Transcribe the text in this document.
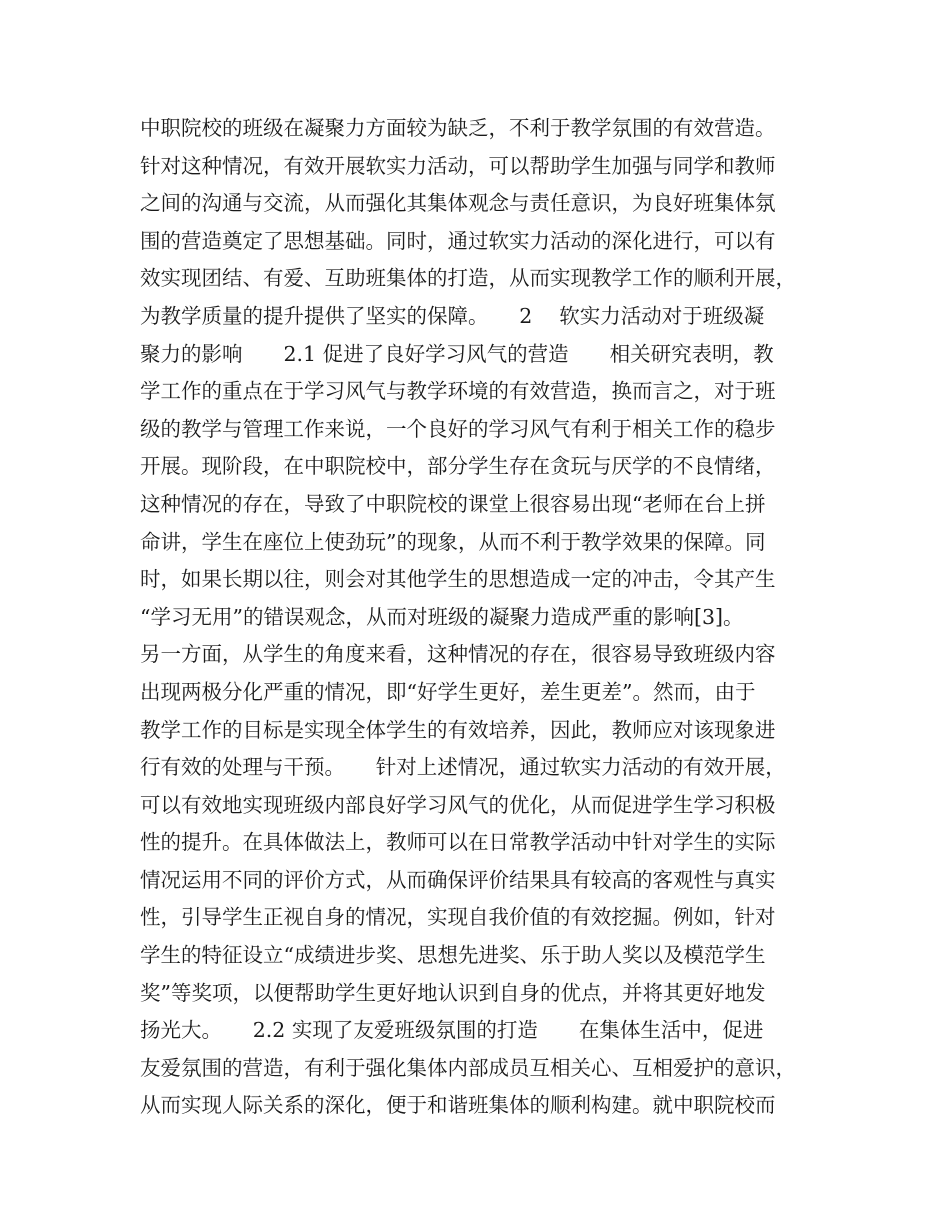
中职院校的班级在凝聚力方面较为缺乏，不利于教学氛围的有效营造。
针对这种情况，有效开展软实力活动，可以帮助学生加强与同学和教师
之间的沟通与交流，从而强化其集体观念与责任意识，为良好班集体氛
围的营造奠定了思想基础。同时，通过软实力活动的深化进行，可以有
效实现团结、有爱、互助班集体的打造，从而实现教学工作的顺利开展，
为教学质量的提升提供了坚实的保障。　　2　 软实力活动对于班级凝
聚力的影响　　2.1 促进了良好学习风气的营造　　相关研究表明，教
学工作的重点在于学习风气与教学环境的有效营造，换而言之，对于班
级的教学与管理工作来说，一个良好的学习风气有利于相关工作的稳步
开展。现阶段，在中职院校中，部分学生存在贪玩与厌学的不良情绪，
这种情况的存在，导致了中职院校的课堂上很容易出现“老师在台上拼
命讲，学生在座位上使劲玩”的现象，从而不利于教学效果的保障。同
时，如果长期以往，则会对其他学生的思想造成一定的冲击，令其产生
“学习无用”的错误观念，从而对班级的凝聚力造成严重的影响[3]。
另一方面，从学生的角度来看，这种情况的存在，很容易导致班级内容
出现两极分化严重的情况，即“好学生更好，差生更差”。然而，由于
教学工作的目标是实现全体学生的有效培养，因此，教师应对该现象进
行有效的处理与干预。　　针对上述情况，通过软实力活动的有效开展，
可以有效地实现班级内部良好学习风气的优化，从而促进学生学习积极
性的提升。在具体做法上，教师可以在日常教学活动中针对学生的实际
情况运用不同的评价方式，从而确保评价结果具有较高的客观性与真实
性，引导学生正视自身的情况，实现自我价值的有效挖掘。例如，针对
学生的特征设立“成绩进步奖、思想先进奖、乐于助人奖以及模范学生
奖”等奖项，以便帮助学生更好地认识到自身的优点，并将其更好地发
扬光大。　　2.2 实现了友爱班级氛围的打造　　在集体生活中，促进
友爱氛围的营造，有利于强化集体内部成员互相关心、互相爱护的意识，
从而实现人际关系的深化，便于和谐班集体的顺利构建。就中职院校而
